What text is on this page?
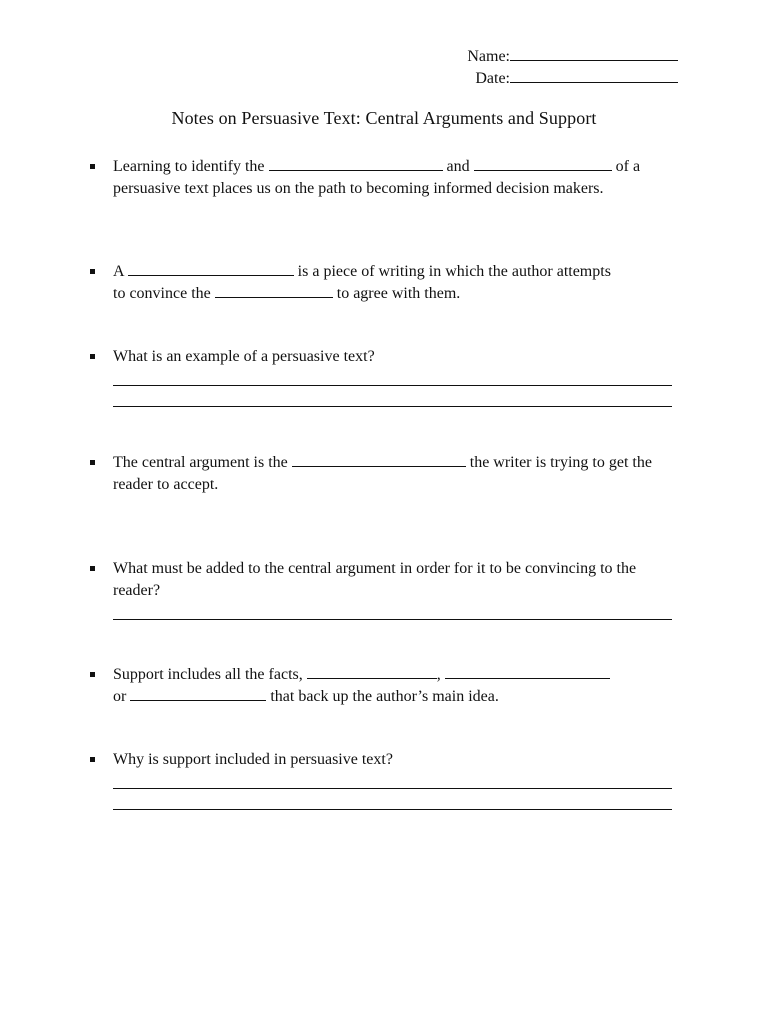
Name:
Date:
Notes on Persuasive Text: Central Arguments and Support
Learning to identify the	and	of a persuasive text places us on the path to becoming informed decision makers.
A	is a piece of writing in which the author attempts
to convince the	to agree with them.
What is an example of a persuasive text?
The central argument is the	the writer is trying to get the reader to accept.
What must be added to the central argument in order for it to be convincing to the reader?
Support includes all the facts,	,
or	that back up the author’s main idea.
Why is support included in persuasive text?
